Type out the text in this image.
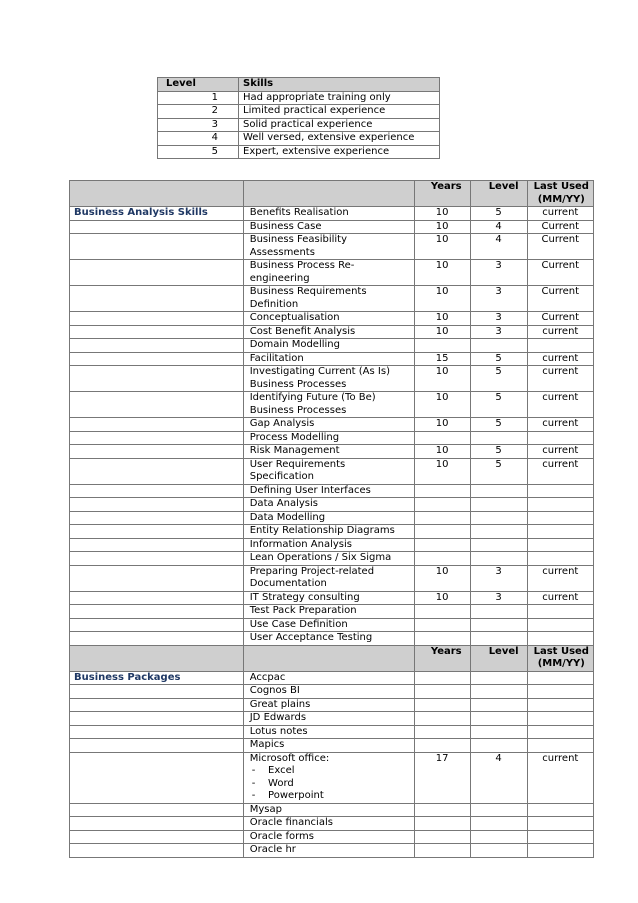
Level	Skills
1	Had appropriate training only
2	Limited practical experience
3	Solid practical experience
4	Well versed, extensive experience
5	Expert, extensive experience
		Years	Level	Last Used
(MM/YY)

Business Analysis Skills	Benefits Realisation	10	5	current

	Business Case	10	4	Current

	Business Feasibility Assessments	10	4	Current

	Business Process Re-engineering	10	3	Current

	Business Requirements Definition	10	3	Current

	Conceptualisation	10	3	Current

	Cost Benefit Analysis	10	3	current

	Domain Modelling			

	Facilitation	15	5	current

	Investigating Current (As Is)
Business Processes	10	5	current

	Identifying Future (To Be)
Business Processes	10	5	current

	Gap Analysis	10	5	current

	Process Modelling			

	Risk Management	10	5	current

	User Requirements Specification	10	5	current

	Defining User Interfaces			

	Data Analysis			

	Data Modelling			

	Entity Relationship Diagrams			

	Information Analysis			

	Lean Operations / Six Sigma			

	Preparing Project-related
Documentation	10	3	current

	IT Strategy consulting	10	3	current

	Test Pack Preparation			

	Use Case Definition			

	User Acceptance Testing			

		Years	Level	Last Used
(MM/YY)

Business Packages	Accpac			

	Cognos BI			

	Great plains			

	JD Edwards			

	Lotus notes			

	Mapics			

	Microsoft office:
-    Excel
-    Word
-    Powerpoint	17	4	current

	Mysap			

	Oracle financials			

	Oracle forms			

	Oracle hr			
